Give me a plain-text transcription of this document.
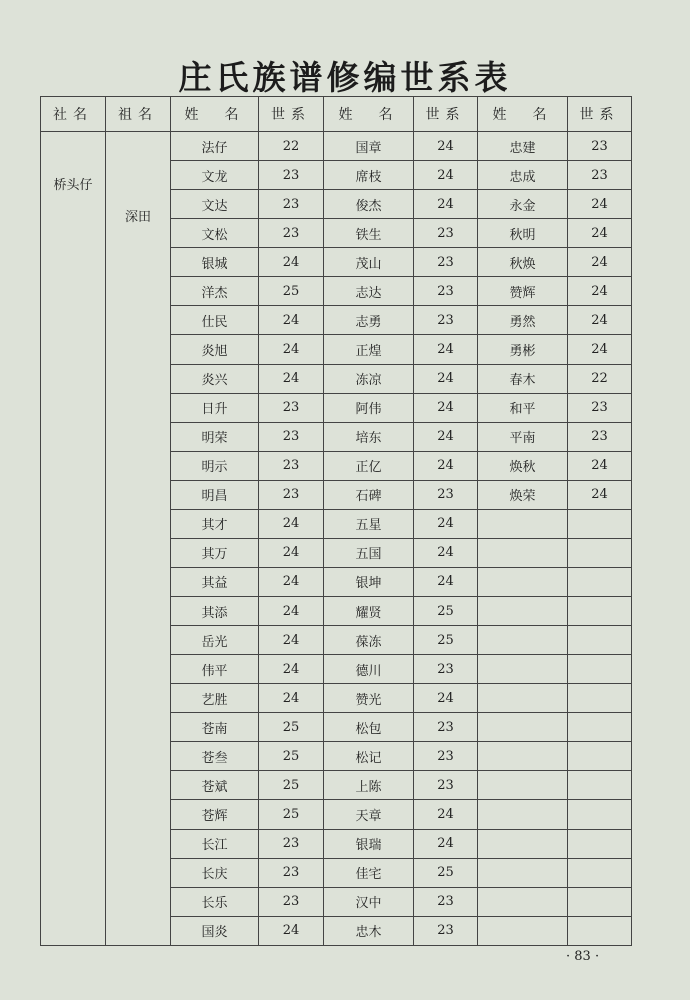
庄氏族谱修编世系表
社名	祖名	姓　名	世系	姓　名	世系	姓　名	世系

桥头仔	深田	法仔	22	国章	24	忠建	23
		文龙	23	席枝	24	忠成	23
		文达	23	俊杰	24	永金	24
		文松	23	铁生	23	秋明	24
		银城	24	茂山	23	秋焕	24
		洋杰	25	志达	23	赞辉	24
		仕民	24	志勇	23	勇然	24
		炎旭	24	正煌	24	勇彬	24
		炎兴	24	冻凉	24	春木	22
		日升	23	阿伟	24	和平	23
		明荣	23	培东	24	平南	23
		明示	23	正亿	24	焕秋	24
		明昌	23	石碑	23	焕荣	24
		其才	24	五星	24		
		其万	24	五国	24		
		其益	24	银坤	24		
		其添	24	耀贤	25		
		岳光	24	葆冻	25		
		伟平	24	德川	23		
		艺胜	24	赞光	24		
		苍南	25	松包	23		
		苍叁	25	松记	23		
		苍斌	25	上陈	23		
		苍辉	25	天章	24		
		长江	23	银瑞	24		
		长庆	23	佳宅	25		
		长乐	23	汉中	23		
		国炎	24	忠木	23		
· 83 ·
